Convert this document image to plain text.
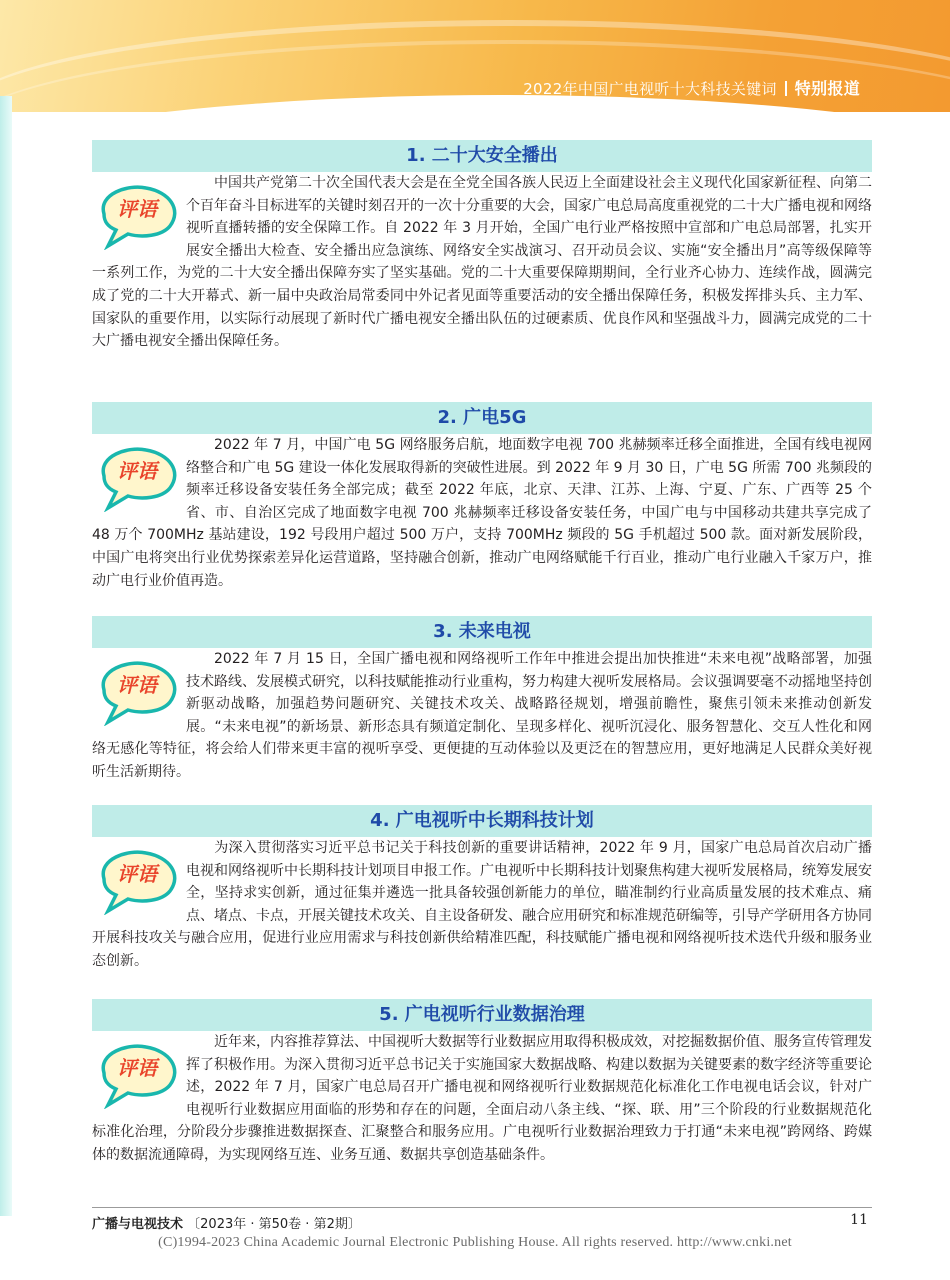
2022年中国广电视听十大科技关键词 特别报道
1. 二十大安全播出
评语
中国共产党第二十次全国代表大会是在全党全国各族人民迈上全面建设社会主义现代化国家新征程、向第二个百年奋斗目标进军的关键时刻召开的一次十分重要的大会，国家广电总局高度重视党的二十大广播电视和网络视听直播转播的安全保障工作。自 2022 年 3 月开始，全国广电行业严格按照中宣部和广电总局部署，扎实开展安全播出大检查、安全播出应急演练、网络安全实战演习、召开动员会议、实施“安全播出月”高等级保障等一系列工作，为党的二十大安全播出保障夯实了坚实基础。党的二十大重要保障期期间，全行业齐心协力、连续作战，圆满完成了党的二十大开幕式、新一届中央政治局常委同中外记者见面等重要活动的安全播出保障任务，积极发挥排头兵、主力军、国家队的重要作用，以实际行动展现了新时代广播电视安全播出队伍的过硬素质、优良作风和坚强战斗力，圆满完成党的二十大广播电视安全播出保障任务。
2. 广电5G
评语
2022 年 7 月，中国广电 5G 网络服务启航，地面数字电视 700 兆赫频率迁移全面推进，全国有线电视网络整合和广电 5G 建设一体化发展取得新的突破性进展。到 2022 年 9 月 30 日，广电 5G 所需 700 兆频段的频率迁移设备安装任务全部完成；截至 2022 年底，北京、天津、江苏、上海、宁夏、广东、广西等 25 个省、市、自治区完成了地面数字电视 700 兆赫频率迁移设备安装任务，中国广电与中国移动共建共享完成了 48 万个 700MHz 基站建设，192 号段用户超过 500 万户，支持 700MHz 频段的 5G 手机超过 500 款。面对新发展阶段，中国广电将突出行业优势探索差异化运营道路，坚持融合创新，推动广电网络赋能千行百业，推动广电行业融入千家万户，推动广电行业价值再造。
3. 未来电视
评语
2022 年 7 月 15 日，全国广播电视和网络视听工作年中推进会提出加快推进“未来电视”战略部署，加强技术路线、发展模式研究，以科技赋能推动行业重构，努力构建大视听发展格局。会议强调要毫不动摇地坚持创新驱动战略，加强趋势问题研究、关键技术攻关、战略路径规划，增强前瞻性，聚焦引领未来推动创新发展。“未来电视”的新场景、新形态具有频道定制化、呈现多样化、视听沉浸化、服务智慧化、交互人性化和网络无感化等特征，将会给人们带来更丰富的视听享受、更便捷的互动体验以及更泛在的智慧应用，更好地满足人民群众美好视听生活新期待。
4. 广电视听中长期科技计划
评语
为深入贯彻落实习近平总书记关于科技创新的重要讲话精神，2022 年 9 月，国家广电总局首次启动广播电视和网络视听中长期科技计划项目申报工作。广电视听中长期科技计划聚焦构建大视听发展格局，统筹发展安全，坚持求实创新，通过征集并遴选一批具备较强创新能力的单位，瞄准制约行业高质量发展的技术难点、痛点、堵点、卡点，开展关键技术攻关、自主设备研发、融合应用研究和标准规范研编等，引导产学研用各方协同开展科技攻关与融合应用，促进行业应用需求与科技创新供给精准匹配，科技赋能广播电视和网络视听技术迭代升级和服务业态创新。
5. 广电视听行业数据治理
评语
近年来，内容推荐算法、中国视听大数据等行业数据应用取得积极成效，对挖掘数据价值、服务宣传管理发挥了积极作用。为深入贯彻习近平总书记关于实施国家大数据战略、构建以数据为关键要素的数字经济等重要论述，2022 年 7 月，国家广电总局召开广播电视和网络视听行业数据规范化标准化工作电视电话会议，针对广电视听行业数据应用面临的形势和存在的问题，全面启动八条主线、“探、联、用”三个阶段的行业数据规范化标准化治理，分阶段分步骤推进数据探查、汇聚整合和服务应用。广电视听行业数据治理致力于打通“未来电视”跨网络、跨媒体的数据流通障碍，为实现网络互连、业务互通、数据共享创造基础条件。
广播与电视技术 〔2023年 · 第50卷 · 第2期〕	11
(C)1994-2023 China Academic Journal Electronic Publishing House. All rights reserved. http://www.cnki.net
